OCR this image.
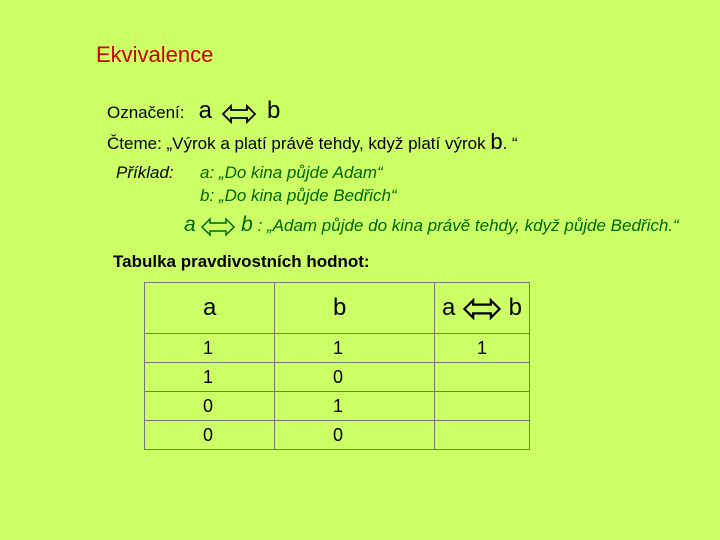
Ekvivalence
Označení: a b
Čteme: „Výrok a platí právě tehdy, když platí výrok b. “
Příklad: a: „Do kina půjde Adam“
b: „Do kina půjde Bedřich“
a b : „Adam půjde do kina právě tehdy, když půjde Bedřich.“
Tabulka pravdivostních hodnot:
a	b	a b
1	1	1
1	0	
0	1	
0	0	
